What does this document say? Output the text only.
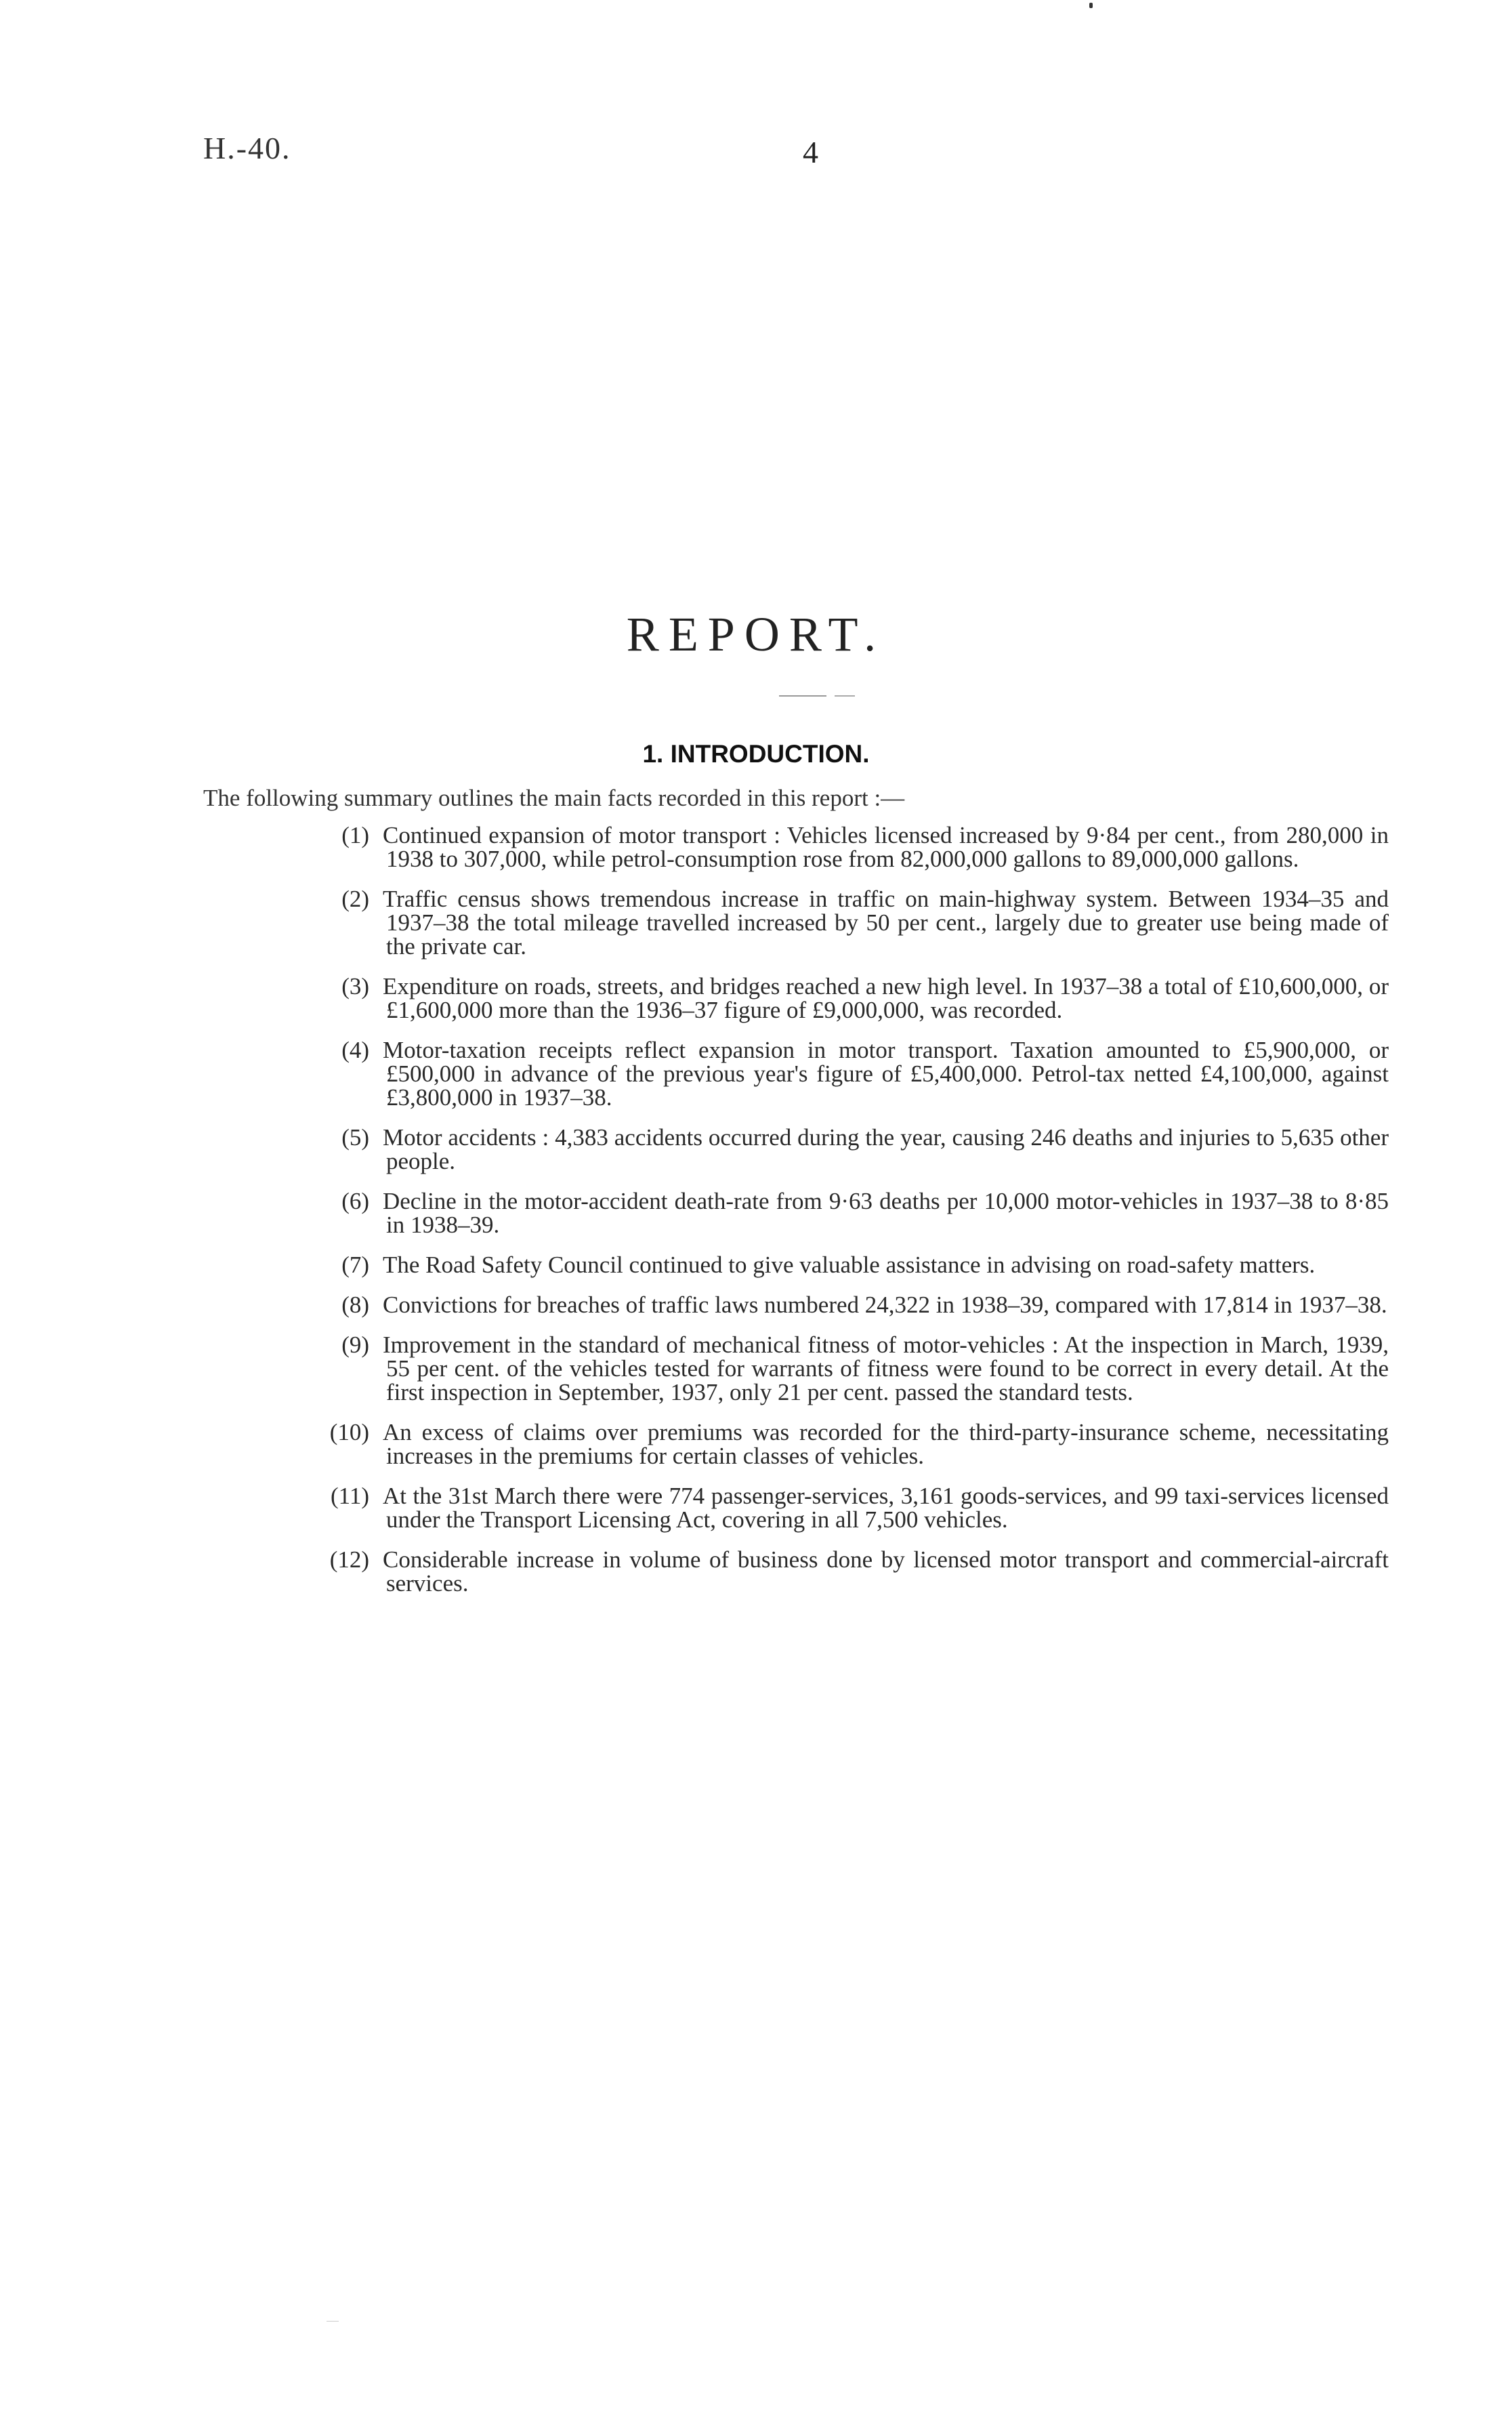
H.-40.	4
REPORT.
1. INTRODUCTION.
The following summary outlines the main facts recorded in this report :—
(1) Continued expansion of motor transport : Vehicles licensed increased by 9·84 per cent., from 280,000 in 1938 to 307,000, while petrol-consumption rose from 82,000,000 gallons to 89,000,000 gallons.
(2) Traffic census shows tremendous increase in traffic on main-highway system. Between 1934–35 and 1937–38 the total mileage travelled increased by 50 per cent., largely due to greater use being made of the private car.
(3) Expenditure on roads, streets, and bridges reached a new high level. In 1937–38 a total of £10,600,000, or £1,600,000 more than the 1936–37 figure of £9,000,000, was recorded.
(4) Motor-taxation receipts reflect expansion in motor transport. Taxation amounted to £5,900,000, or £500,000 in advance of the previous year's figure of £5,400,000. Petrol-tax netted £4,100,000, against £3,800,000 in 1937–38.
(5) Motor accidents : 4,383 accidents occurred during the year, causing 246 deaths and injuries to 5,635 other people.
(6) Decline in the motor-accident death-rate from 9·63 deaths per 10,000 motor-vehicles in 1937–38 to 8·85 in 1938–39.
(7) The Road Safety Council continued to give valuable assistance in advising on road-safety matters.
(8) Convictions for breaches of traffic laws numbered 24,322 in 1938–39, compared with 17,814 in 1937–38.
(9) Improvement in the standard of mechanical fitness of motor-vehicles : At the inspection in March, 1939, 55 per cent. of the vehicles tested for warrants of fitness were found to be correct in every detail. At the first inspection in September, 1937, only 21 per cent. passed the standard tests.
(10) An excess of claims over premiums was recorded for the third-party-insurance scheme, necessitating increases in the premiums for certain classes of vehicles.
(11) At the 31st March there were 774 passenger-services, 3,161 goods-services, and 99 taxi-services licensed under the Transport Licensing Act, covering in all 7,500 vehicles.
(12) Considerable increase in volume of business done by licensed motor transport and commercial-aircraft services.
